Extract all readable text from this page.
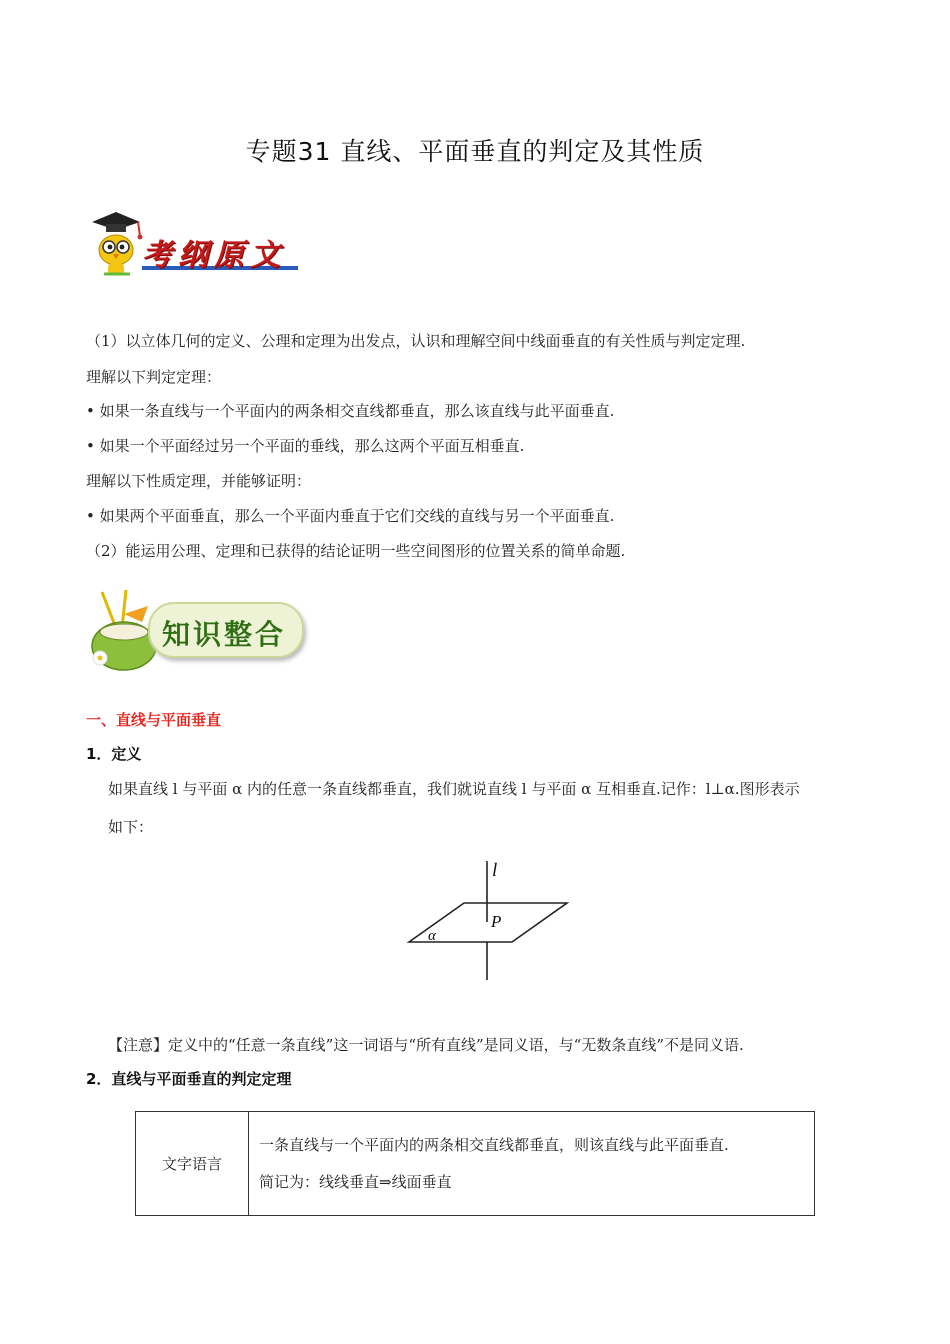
专题31 直线、平面垂直的判定及其性质
考纲原文
（1）以立体几何的定义、公理和定理为出发点，认识和理解空间中线面垂直的有关性质与判定定理.
理解以下判定定理：
• 如果一条直线与一个平面内的两条相交直线都垂直，那么该直线与此平面垂直.
• 如果一个平面经过另一个平面的垂线，那么这两个平面互相垂直.
理解以下性质定理，并能够证明：
• 如果两个平面垂直，那么一个平面内垂直于它们交线的直线与另一个平面垂直.
（2）能运用公理、定理和已获得的结论证明一些空间图形的位置关系的简单命题.
知识整合
一、直线与平面垂直
1．定义
如果直线 l 与平面 α 内的任意一条直线都垂直，我们就说直线 l 与平面 α 互相垂直.记作：l⊥α.图形表示
如下：
l
P
α
【注意】定义中的“任意一条直线”这一词语与“所有直线”是同义语，与“无数条直线”不是同义语.
2．直线与平面垂直的判定定理
文字语言	
一条直线与一个平面内的两条相交直线都垂直，则该直线与此平面垂直.
简记为：线线垂直⇒线面垂直
